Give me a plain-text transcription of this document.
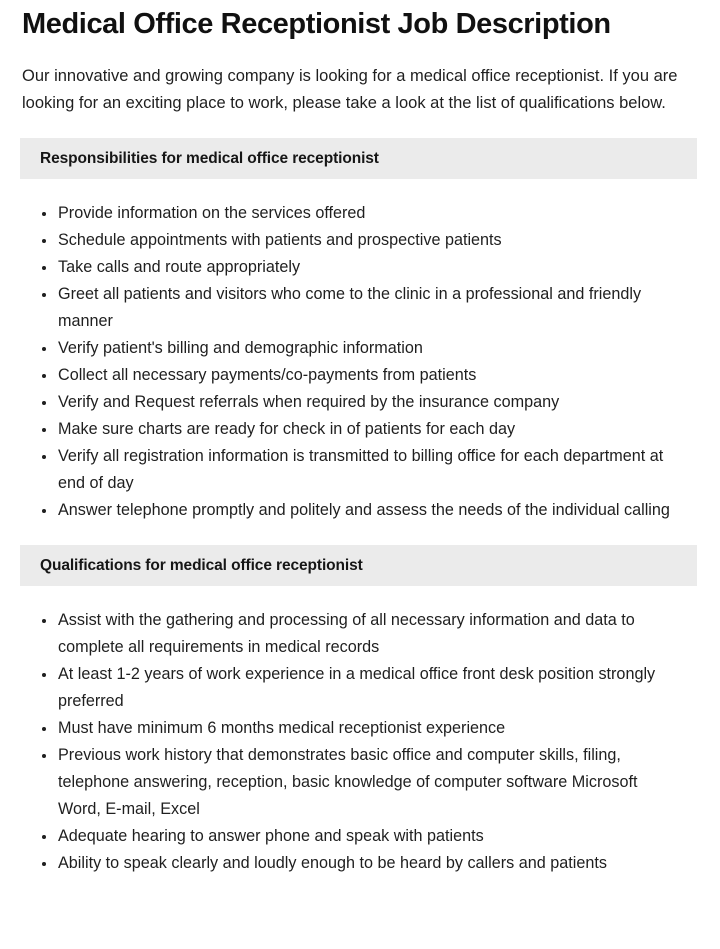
Medical Office Receptionist Job Description

Our innovative and growing company is looking for a medical office receptionist. If you are looking for an exciting place to work, please take a look at the list of qualifications below.

Responsibilities for medical office receptionist
Provide information on the services offered
Schedule appointments with patients and prospective patients
Take calls and route appropriately
Greet all patients and visitors who come to the clinic in a professional and friendly manner
Verify patient's billing and demographic information
Collect all necessary payments/co-payments from patients
Verify and Request referrals when required by the insurance company
Make sure charts are ready for check in of patients for each day
Verify all registration information is transmitted to billing office for each department at end of day
Answer telephone promptly and politely and assess the needs of the individual calling
Qualifications for medical office receptionist
Assist with the gathering and processing of all necessary information and data to complete all requirements in medical records
At least 1-2 years of work experience in a medical office front desk position strongly preferred
Must have minimum 6 months medical receptionist experience
Previous work history that demonstrates basic office and computer skills, filing, telephone answering, reception, basic knowledge of computer software Microsoft Word, E-mail, Excel
Adequate hearing to answer phone and speak with patients
Ability to speak clearly and loudly enough to be heard by callers and patients
